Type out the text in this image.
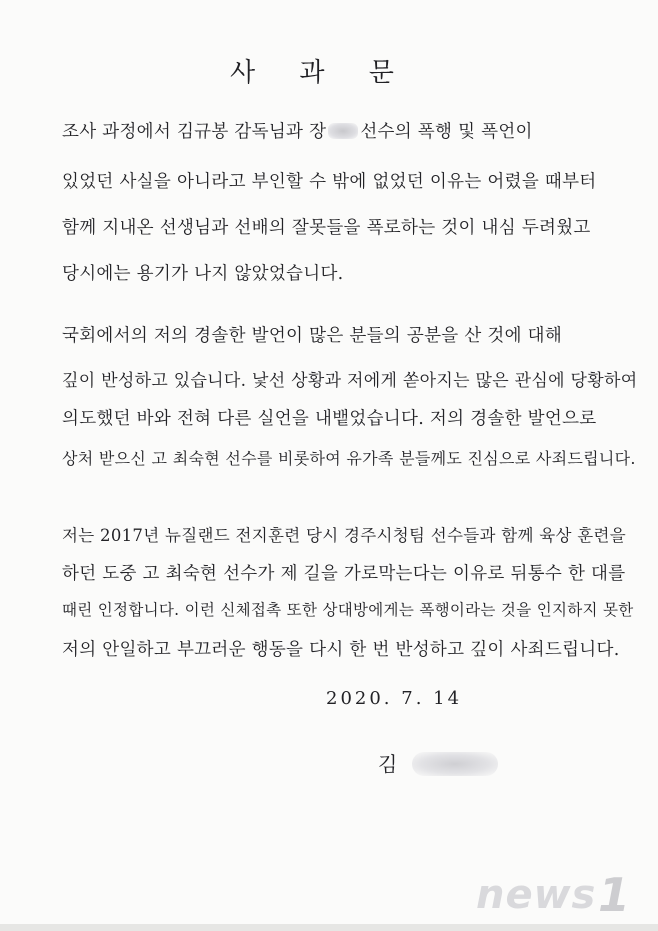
사 과 문
조사 과정에서 김규봉 감독님과 장 선수의 폭행 및 폭언이
있었던 사실을 아니라고 부인할 수 밖에 없었던 이유는 어렸을 때부터
함께 지내온 선생님과 선배의 잘못들을 폭로하는 것이 내심 두려웠고
당시에는 용기가 나지 않았었습니다.
국회에서의 저의 경솔한 발언이 많은 분들의 공분을 산 것에 대해
깊이 반성하고 있습니다. 낯선 상황과 저에게 쏟아지는 많은 관심에 당황하여
의도했던 바와 전혀 다른 실언을 내뱉었습니다. 저의 경솔한 발언으로
상처 받으신 고 최숙현 선수를 비롯하여 유가족 분들께도 진심으로 사죄드립니다.
저는 2017년 뉴질랜드 전지훈련 당시 경주시청팀 선수들과 함께 육상 훈련을
하던 도중 고 최숙현 선수가 제 길을 가로막는다는 이유로 뒤통수 한 대를
때린 인정합니다. 이런 신체접촉 또한 상대방에게는 폭행이라는 것을 인지하지 못한
저의 안일하고 부끄러운 행동을 다시 한 번 반성하고 깊이 사죄드립니다.
2020. 7. 14
김
news 1
